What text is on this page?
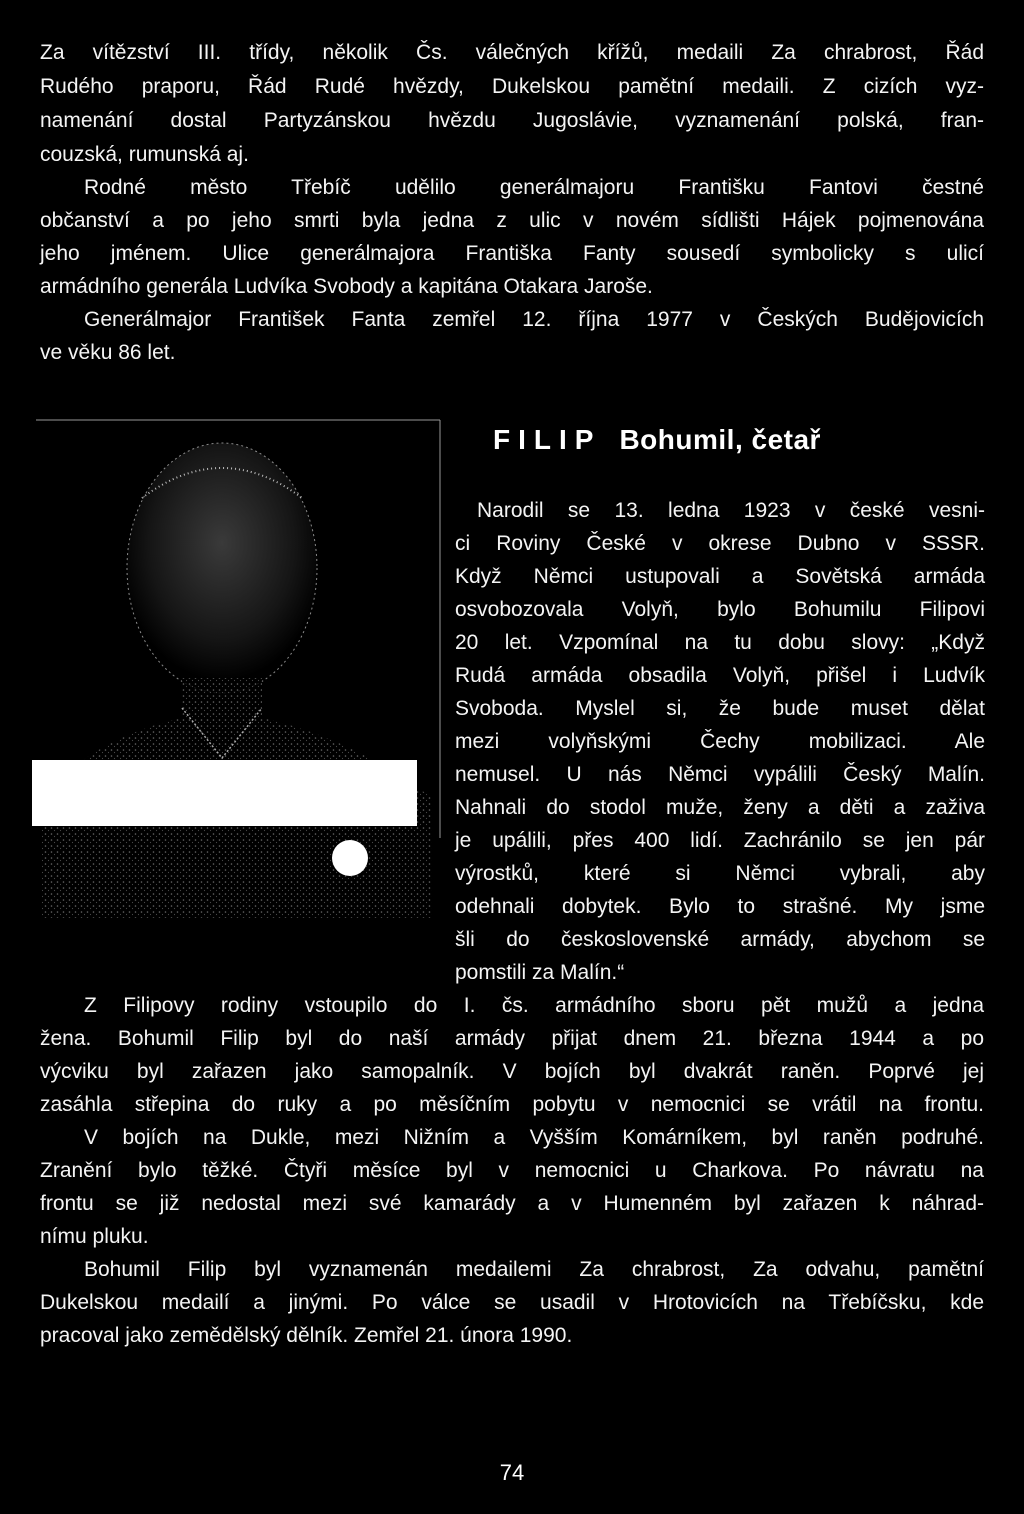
Za vítězství III. třídy, několik Čs. válečných křížů, medaili Za chrabrost, Řád
Rudého praporu, Řád Rudé hvězdy, Dukelskou pamětní medaili. Z cizích vyz-
namenání dostal Partyzánskou hvězdu Jugoslávie, vyznamenání polská, fran-
couzská, rumunská aj.
Rodné město Třebíč udělilo generálmajoru Františku Fantovi čestné
občanství a po jeho smrti byla jedna z ulic v novém sídlišti Hájek pojmenována
jeho jménem. Ulice generálmajora Františka Fanty sousedí symbolicky s ulicí
armádního generála Ludvíka Svobody a kapitána Otakara Jaroše.
Generálmajor František Fanta zemřel 12. října 1977 v Českých Budějovicích
ve věku 86 let.
FILIP Bohumil, četař
Narodil se 13. ledna 1923 v české vesni-
ci Roviny České v okrese Dubno v SSSR.
Když Němci ustupovali a Sovětská armáda
osvobozovala Volyň, bylo Bohumilu Filipovi
20 let. Vzpomínal na tu dobu slovy: „Když
Rudá armáda obsadila Volyň, přišel i Ludvík
Svoboda. Myslel si, že bude muset dělat
mezi volyňskými Čechy mobilizaci. Ale
nemusel. U nás Němci vypálili Český Malín.
Nahnali do stodol muže, ženy a děti a zaživa
je upálili, přes 400 lidí. Zachránilo se jen pár
výrostků, které si Němci vybrali, aby
odehnali dobytek. Bylo to strašné. My jsme
šli do československé armády, abychom se
pomstili za Malín.“
Z Filipovy rodiny vstoupilo do I. čs. armádního sboru pět mužů a jedna
žena. Bohumil Filip byl do naší armády přijat dnem 21. března 1944 a po
výcviku byl zařazen jako samopalník. V bojích byl dvakrát raněn. Poprvé jej
zasáhla střepina do ruky a po měsíčním pobytu v nemocnici se vrátil na frontu.
V bojích na Dukle, mezi Nižním a Vyšším Komárníkem, byl raněn podruhé.
Zranění bylo těžké. Čtyři měsíce byl v nemocnici u Charkova. Po návratu na
frontu se již nedostal mezi své kamarády a v Humenném byl zařazen k náhrad-
nímu pluku.
Bohumil Filip byl vyznamenán medailemi Za chrabrost, Za odvahu, pamětní
Dukelskou medailí a jinými. Po válce se usadil v Hrotovicích na Třebíčsku, kde
pracoval jako zemědělský dělník. Zemřel 21. února 1990.
74
